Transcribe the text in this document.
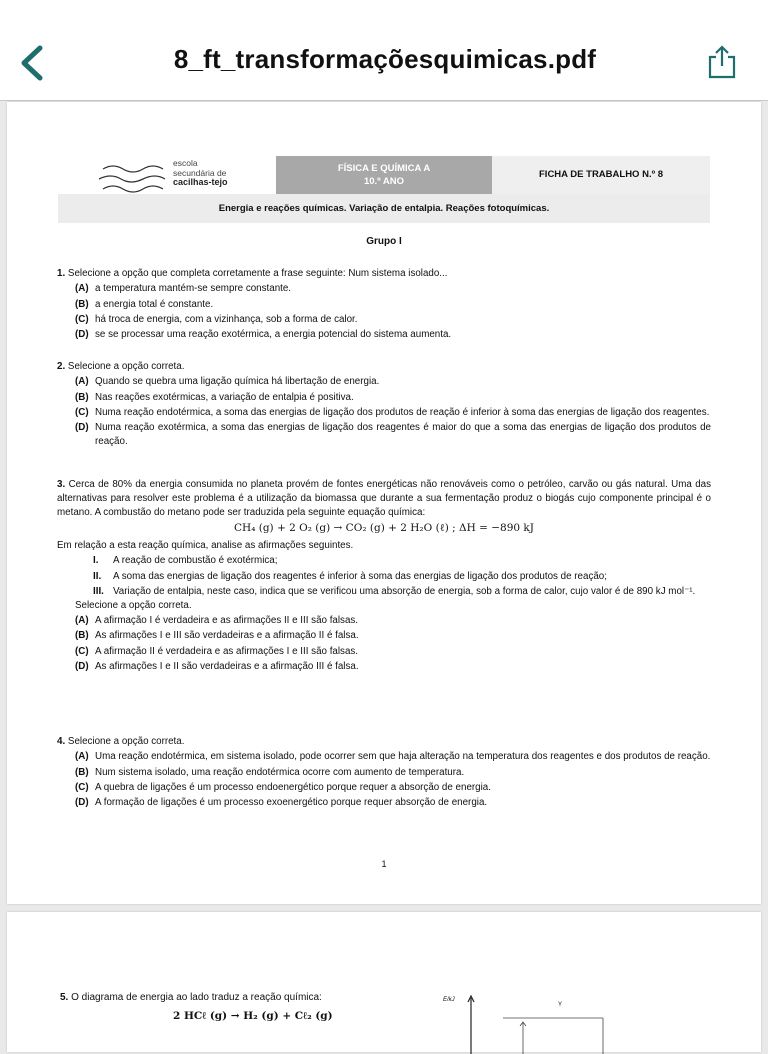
8_ft_transformaçõesquimicas.pdf
escola
secundária de
cacilhas-tejo
FÍSICA E QUÍMICA A
10.º ANO
FICHA DE TRABALHO N.º 8
Energia e reações químicas. Variação de entalpia. Reações fotoquímicas.
Grupo I
1. Selecione a opção que completa corretamente a frase seguinte: Num sistema isolado...
(A) a temperatura mantém-se sempre constante.
(B) a energia total é constante.
(C) há troca de energia, com a vizinhança, sob a forma de calor.
(D) se se processar uma reação exotérmica, a energia potencial do sistema aumenta.
2. Selecione a opção correta.
(A) Quando se quebra uma ligação química há libertação de energia.
(B) Nas reações exotérmicas, a variação de entalpia é positiva.
(C) Numa reação endotérmica, a soma das energias de ligação dos produtos de reação é inferior à soma das energias de ligação dos reagentes.
(D) Numa reação exotérmica, a soma das energias de ligação dos reagentes é maior do que a soma das energias de ligação dos produtos de reação.
3. Cerca de 80% da energia consumida no planeta provém de fontes energéticas não renováveis como o petróleo, carvão ou gás natural. Uma das alternativas para resolver este problema é a utilização da biomassa que durante a sua fermentação produz o biogás cujo componente principal é o metano. A combustão do metano pode ser traduzida pela seguinte equação química:
CH₄ (g) + 2 O₂ (g) → CO₂ (g) + 2 H₂O (ℓ) ; ΔH = −890 kJ
Em relação a esta reação química, analise as afirmações seguintes.
I. A reação de combustão é exotérmica;
II. A soma das energias de ligação dos reagentes é inferior à soma das energias de ligação dos produtos de reação;
III. Variação de entalpia, neste caso, indica que se verificou uma absorção de energia, sob a forma de calor, cujo valor é de 890 kJ mol⁻¹.
Selecione a opção correta.
(A) A afirmação I é verdadeira e as afirmações II e III são falsas.
(B) As afirmações I e III são verdadeiras e a afirmação II é falsa.
(C) A afirmação II é verdadeira e as afirmações I e III são falsas.
(D) As afirmações I e II são verdadeiras e a afirmação III é falsa.
4. Selecione a opção correta.
(A) Uma reação endotérmica, em sistema isolado, pode ocorrer sem que haja alteração na temperatura dos reagentes e dos produtos de reação.
(B) Num sistema isolado, uma reação endotérmica ocorre com aumento de temperatura.
(C) A quebra de ligações é um processo endoenergético porque requer a absorção de energia.
(D) A formação de ligações é um processo exoenergético porque requer absorção de energia.
1
5. O diagrama de energia ao lado traduz a reação química:
2 HCℓ (g) → H₂ (g) + Cℓ₂ (g)
E/kJ
Y
